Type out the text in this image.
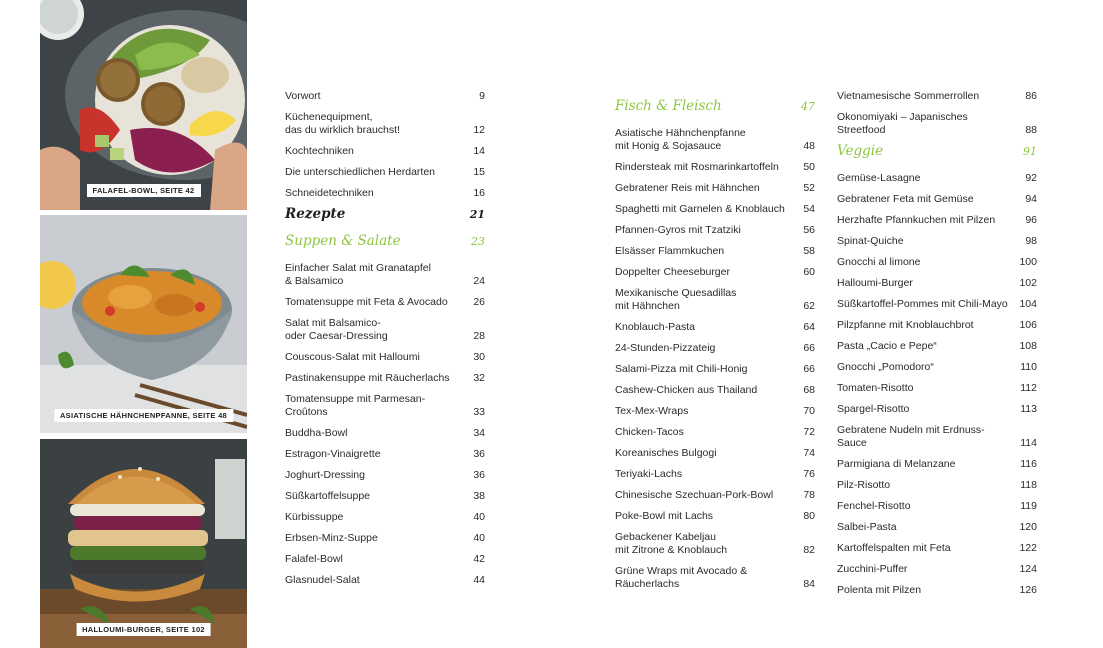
FALAFEL-BOWL, SEITE 42
ASIATISCHE HÄHNCHENPFANNE, SEITE 48
HALLOUMI-BURGER, SEITE 102
Vorwort	9
Küchenequipment,
das du wirklich brauchst!	12
Kochtechniken	14
Die unterschiedlichen Herdarten	15
Schneidetechniken	16
Rezepte	21
Suppen & Salate	23
Einfacher Salat mit Granatapfel
& Balsamico	24
Tomatensuppe mit Feta & Avocado	26
Salat mit Balsamico-
oder Caesar-Dressing	28
Couscous-Salat mit Halloumi	30
Pastinakensuppe mit Räucherlachs	32
Tomatensuppe mit Parmesan-Croûtons	33
Buddha-Bowl	34
Estragon-Vinaigrette	36
Joghurt-Dressing	36
Süßkartoffelsuppe	38
Kürbissuppe	40
Erbsen-Minz-Suppe	40
Falafel-Bowl	42
Glasnudel-Salat	44
Fisch & Fleisch	47
Asiatische Hähnchenpfanne
mit Honig & Sojasauce	48
Rindersteak mit Rosmarinkartoffeln	50
Gebratener Reis mit Hähnchen	52
Spaghetti mit Garnelen & Knoblauch	54
Pfannen-Gyros mit Tzatziki	56
Elsässer Flammkuchen	58
Doppelter Cheeseburger	60
Mexikanische Quesadillas
mit Hähnchen	62
Knoblauch-Pasta	64
24-Stunden-Pizzateig	66
Salami-Pizza mit Chili-Honig	66
Cashew-Chicken aus Thailand	68
Tex-Mex-Wraps	70
Chicken-Tacos	72
Koreanisches Bulgogi	74
Teriyaki-Lachs	76
Chinesische Szechuan-Pork-Bowl	78
Poke-Bowl mit Lachs	80
Gebackener Kabeljau
mit Zitrone & Knoblauch	82
Grüne Wraps mit Avocado & Räucherlachs	84
Vietnamesische Sommerrollen	86
Okonomiyaki – Japanisches Streetfood	88
Veggie	91
Gemüse-Lasagne	92
Gebratener Feta mit Gemüse	94
Herzhafte Pfannkuchen mit Pilzen	96
Spinat-Quiche	98
Gnocchi al limone	100
Halloumi-Burger	102
Süßkartoffel-Pommes mit Chili-Mayo	104
Pilzpfanne mit Knoblauchbrot	106
Pasta „Cacio e Pepe“	108
Gnocchi „Pomodoro“	110
Tomaten-Risotto	112
Spargel-Risotto	113
Gebratene Nudeln mit Erdnuss-Sauce	114
Parmigiana di Melanzane	116
Pilz-Risotto	118
Fenchel-Risotto	119
Salbei-Pasta	120
Kartoffelspalten mit Feta	122
Zucchini-Puffer	124
Polenta mit Pilzen	126
